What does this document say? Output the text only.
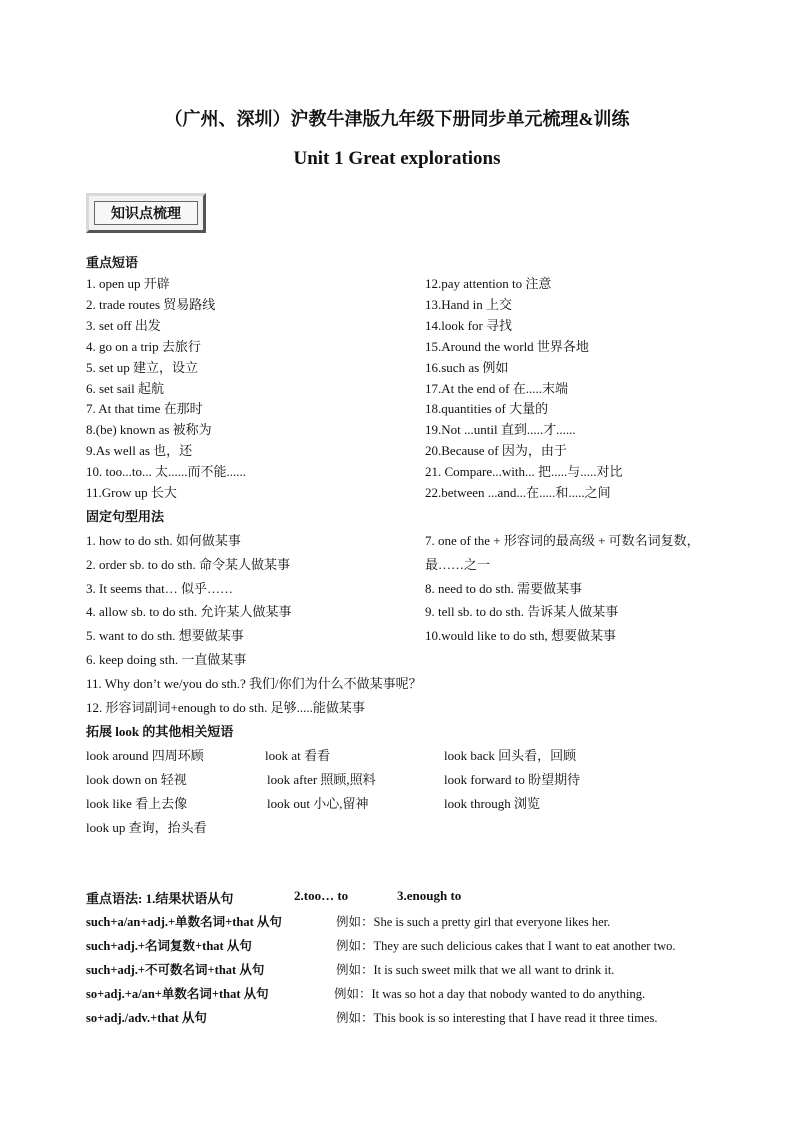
（广州、深圳）沪教牛津版九年级下册同步单元梳理&训练
Unit 1 Great explorations
知识点梳理
重点短语
1. open up 开辟
2. trade routes 贸易路线
3. set off 出发
4. go on a trip 去旅行
5. set up 建立，设立
6. set sail 起航
7. At that time 在那时
8.(be) known as 被称为
9.As well as 也，还
10. too...to... 太......而不能......
11.Grow up 长大
12.pay attention to 注意
13.Hand in 上交
14.look for 寻找
15.Around the world 世界各地
16.such as 例如
17.At the end of 在.....末端
18.quantities of 大量的
19.Not ...until 直到.....才......
20.Because of 因为，由于
21. Compare...with... 把.....与.....对比
22.between ...and...在.....和.....之间
固定句型用法
1. how to do sth. 如何做某事
2. order sb. to do sth. 命令某人做某事
3. It seems that… 似乎……
4. allow sb. to do sth. 允许某人做某事
5. want to do sth. 想要做某事
6. keep doing sth. 一直做某事
7. one of the + 形容词的最高级 + 可数名词复数，
最……之一
8. need to do sth. 需要做某事
9. tell sb. to do sth. 告诉某人做某事
10.would like to do sth, 想要做某事
11. Why don’t we/you do sth.? 我们/你们为什么不做某事呢？
12. 形容词副词+enough to do sth. 足够.....能做某事
拓展 look 的其他相关短语
look around 四周环顾	look at 看看	look back 回头看，回顾
look down on 轻视	look after 照顾,照料	look forward to 盼望期待
look like 看上去像	look out 小心,留神	look through 浏览
look up 查询，抬头看
重点语法: 1.结果状语从句	2.too… to	3.enough to
such+a/an+adj.+单数名词+that 从句	例如：She is such a pretty girl that everyone likes her.
such+adj.+名词复数+that 从句	例如：They are such delicious cakes that I want to eat another two.
such+adj.+不可数名词+that 从句	例如：It is such sweet milk that we all want to drink it.
so+adj.+a/an+单数名词+that 从句	例如：It was so hot a day that nobody wanted to do anything.
so+adj./adv.+that 从句	例如：This book is so interesting that I have read it three times.
